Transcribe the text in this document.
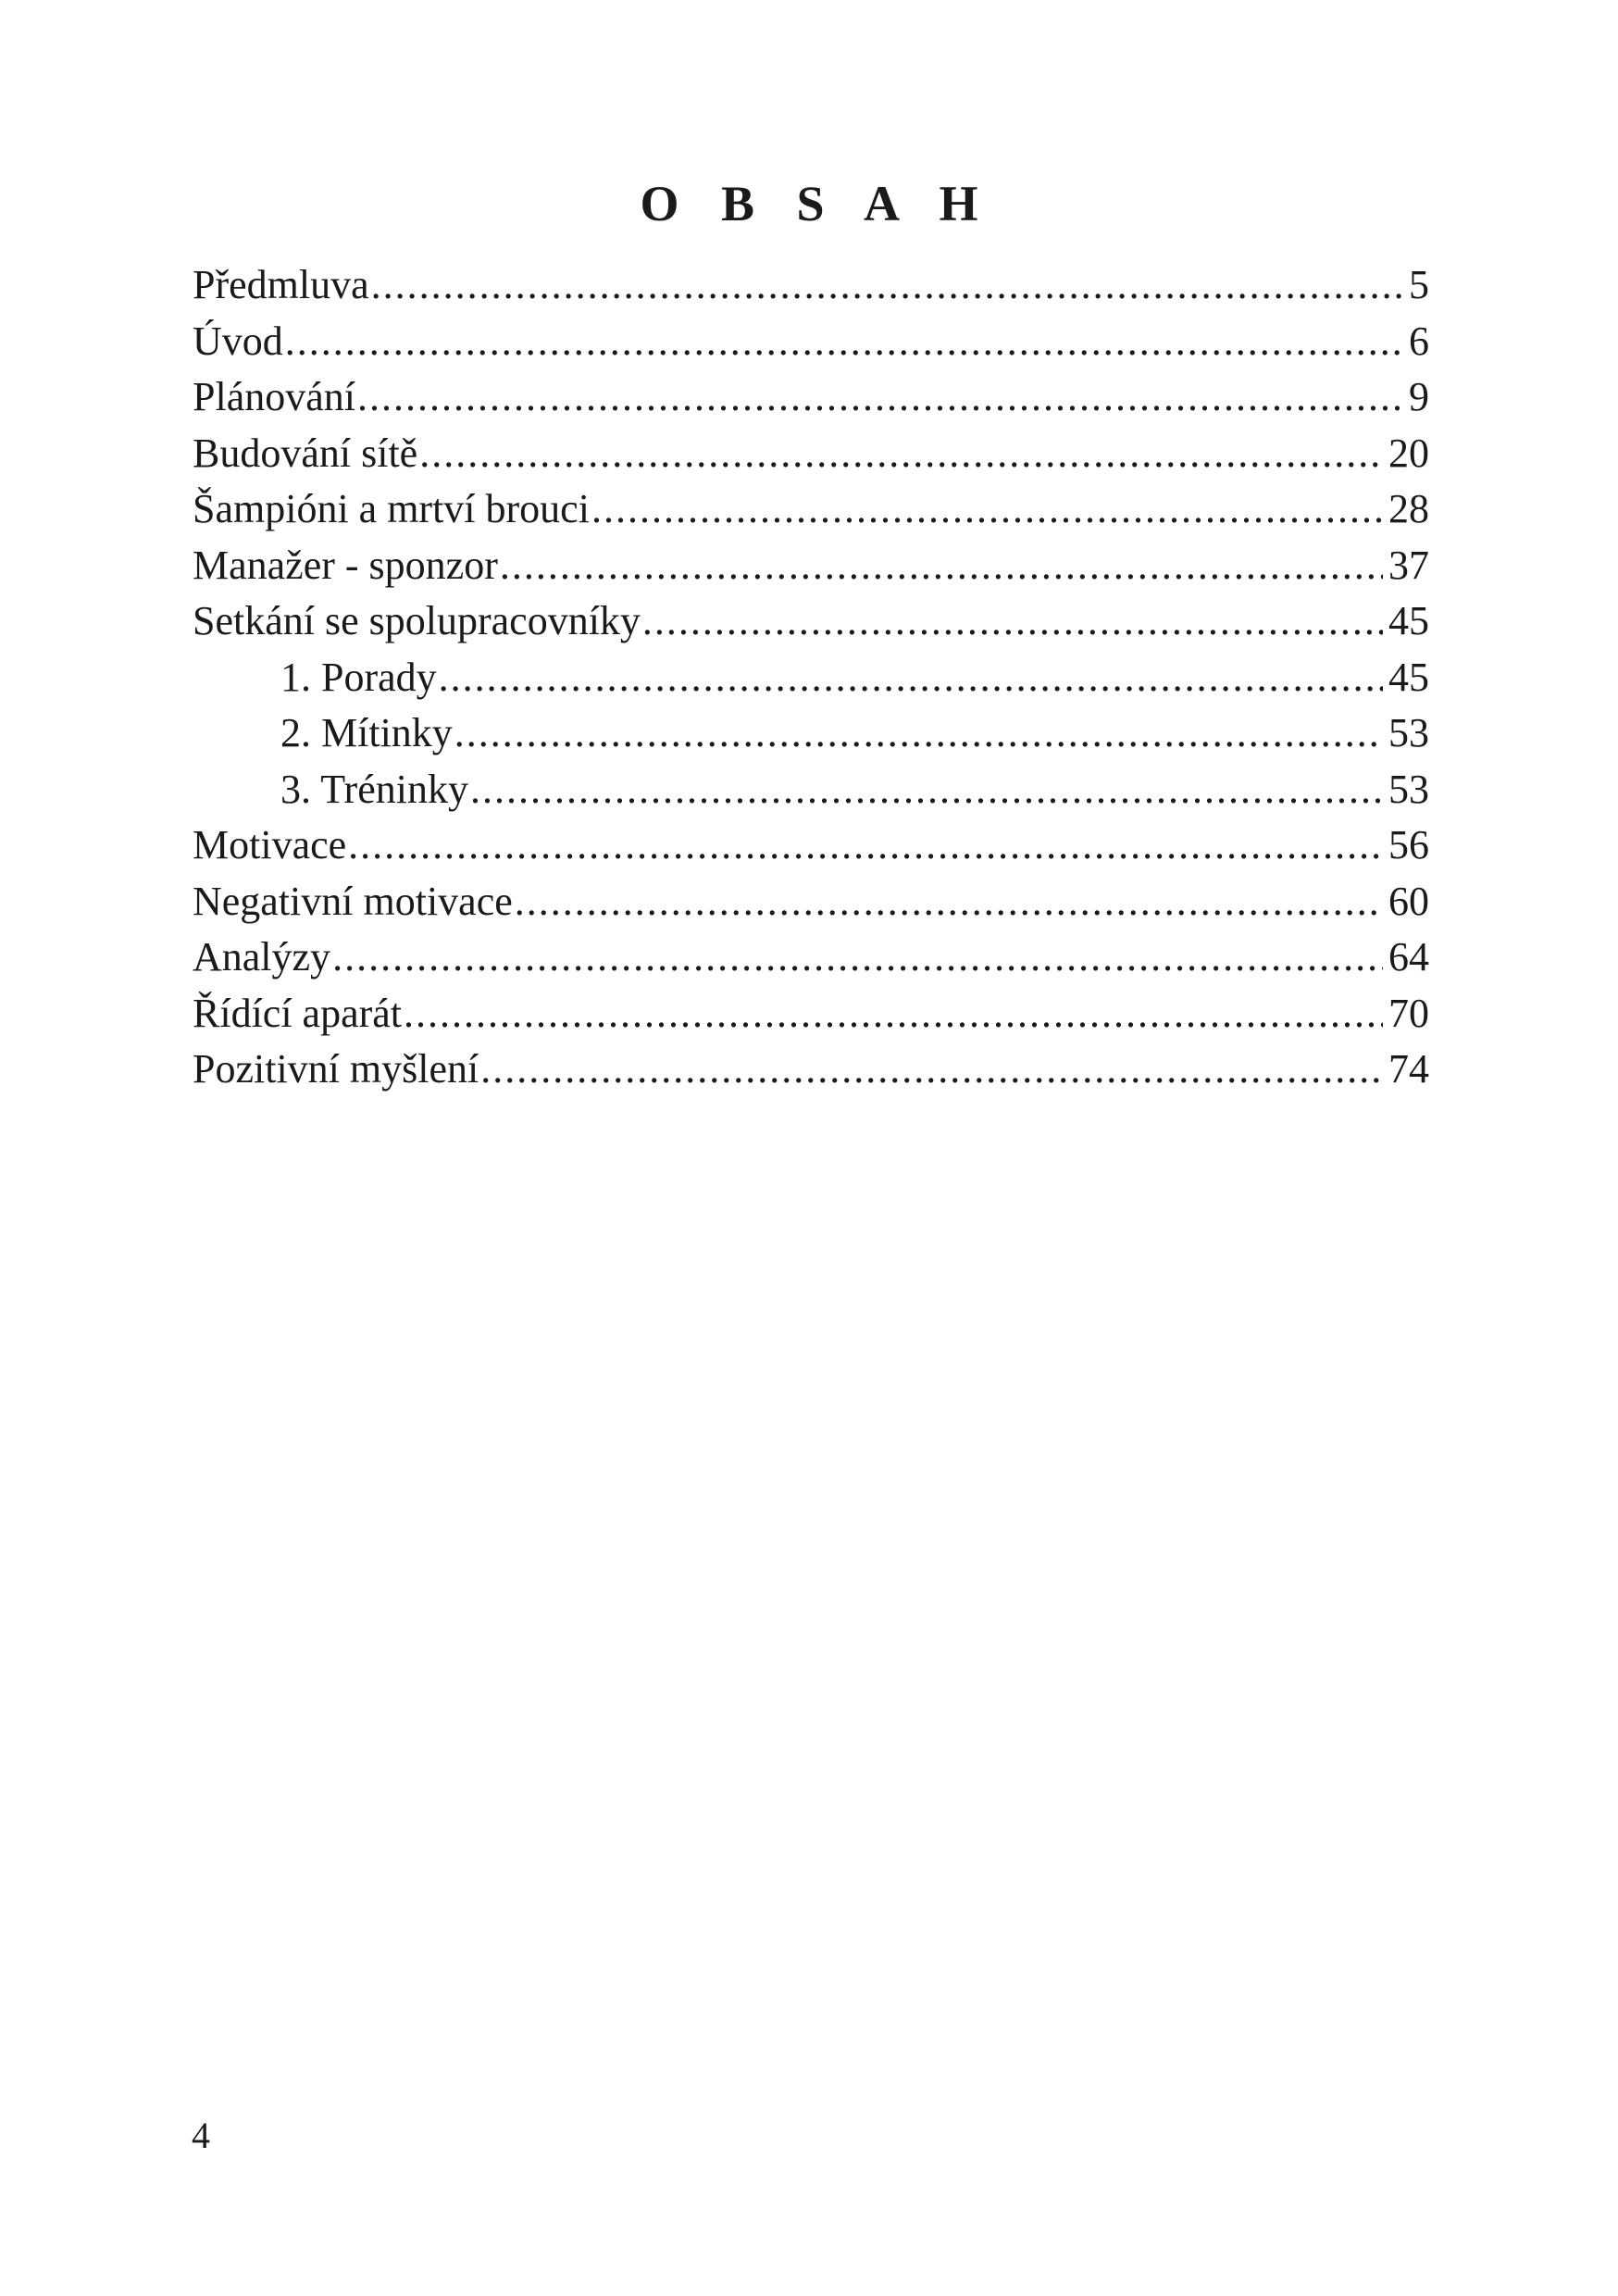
O B S A H
Předmluva .....	5
Úvod .....	6
Plánování .....	9
Budování sítě .....	20
Šampióni a mrtví brouci .....	28
Manažer - sponzor .....	37
Setkání se spolupracovníky .....	45
1. Porady .....	45
2. Mítinky .....	53
3. Tréninky .....	53
Motivace .....	56
Negativní motivace .....	60
Analýzy .....	64
Řídící aparát .....	70
Pozitivní myšlení .....	74
4
